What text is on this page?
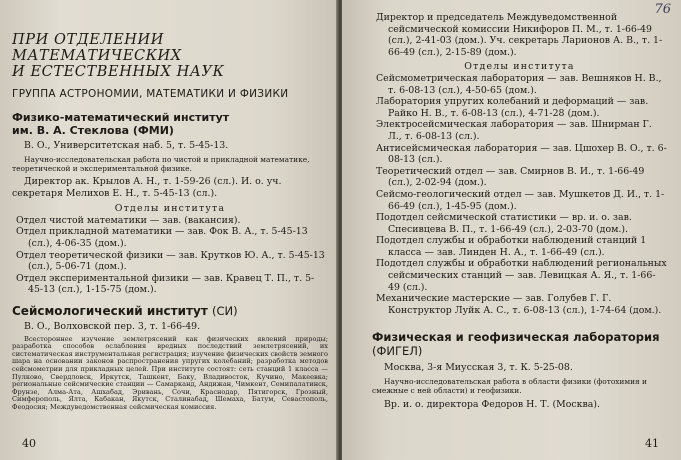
ПРИ ОТДЕЛЕНИИ МАТЕМАТИЧЕСКИХ
И ЕСТЕСТВЕННЫХ НАУК
ГРУППА АСТРОНОМИИ, МАТЕМАТИКИ И ФИЗИКИ
Физико-математический институт
им. В. А. Стеклова (ФМИ)
В. О., Университетская наб. 5, т. 5-45-13.
Научно-исследовательская работа по чистой и прикладной математике, теоретической и экспериментальной физике.
Директор ак. Крылов А. Н., т. 1-59-26 (сл.). И. о. уч. секретаря Мелихов Е. Н., т. 5-45-13 (сл.).
Отделы института
Отдел чистой математики — зав. (вакансия).
Отдел прикладной математики — зав. Фок В. А., т. 5-45-13 (сл.), 4-06-35 (дом.).
Отдел теоретической физики — зав. Крутков Ю. А., т. 5-45-13 (сл.), 5-06-71 (дом.).
Отдел экспериментальной физики — зав. Кравец Т. П., т. 5-45-13 (сл.), 1-15-75 (дом.).
Сейсмологический институт (СИ)
В. О., Волховской пер. 3, т. 1-66-49.
Всестороннее изучение землетрясений как физических явлений природы; разработка способов ослабления вредных последствий землетрясений, их систематическая инструментальная регистрация; изучение физических свойств земного шара на основании законов распространения упругих колебаний; разработка методов сейсмометрии для прикладных целей. При институте состоят: сеть станций 1 класса — Пулково, Свердловск, Иркутск, Ташкент, Баку, Владивосток, Кучино, Макеевка; региональные сейсмические станции — Самарканд, Андижан, Чимкент, Семипалатинск, Фрунзе, Алма-Ата, Ашхабад, Эривань, Сочи, Краснодар, Пятигорск, Грозный, Симферополь, Ялта, Кабакан, Якутск, Сталинабад, Шемаха, Батум, Севастополь, Феодосия; Междуведомственная сейсмическая комиссия.
40
76
Директор и председатель Междуведомственной сейсмической комиссии Никифоров П. М., т. 1-66-49 (сл.), 2-41-03 (дом.). Уч. секретарь Ларионов А. В., т. 1-66-49 (сл.), 2-15-89 (дом.).
Отделы института
Сейсмометрическая лаборатория — зав. Вешняков Н. В., т. 6-08-13 (сл.), 4-50-65 (дом.).
Лаборатория упругих колебаний и деформаций — зав. Райко Н. В., т. 6-08-13 (сл.), 4-71-28 (дом.).
Электросейсмическая лаборатория — зав. Шнирман Г. Л., т. 6-08-13 (сл.).
Антисейсмическая лаборатория — зав. Цшохер В. О., т. 6-08-13 (сл.).
Теоретический отдел — зав. Смирнов В. И., т. 1-66-49 (сл.), 2-02-94 (дом.).
Сейсмо-геологический отдел — зав. Мушкетов Д. И., т. 1-66-49 (сл.), 1-45-95 (дом.).
Подотдел сейсмической статистики — вр. и. о. зав. Спесивцева В. П., т. 1-66-49 (сл.), 2-03-70 (дом.).
Подотдел службы и обработки наблюдений станций 1 класса — зав. Линден Н. А., т. 1-66-49 (сл.).
Подотдел службы и обработки наблюдений региональных сейсмических станций — зав. Левицкая А. Я., т. 1-66-49 (сл.).
Механические мастерские — зав. Голубев Г. Г. Конструктор Луйк А. С., т. 6-08-13 (сл.), 1-74-64 (дом.).
Физическая и геофизическая лаборатория
(ФИГЕЛ)
Москва, 3-я Миусская 3, т. К. 5-25-08.
Научно-исследовательская работа в области физики (фотохимия и смежные с ней области) и геофизики.
Вр. и. о. директора Федоров Н. Т. (Москва).
41
